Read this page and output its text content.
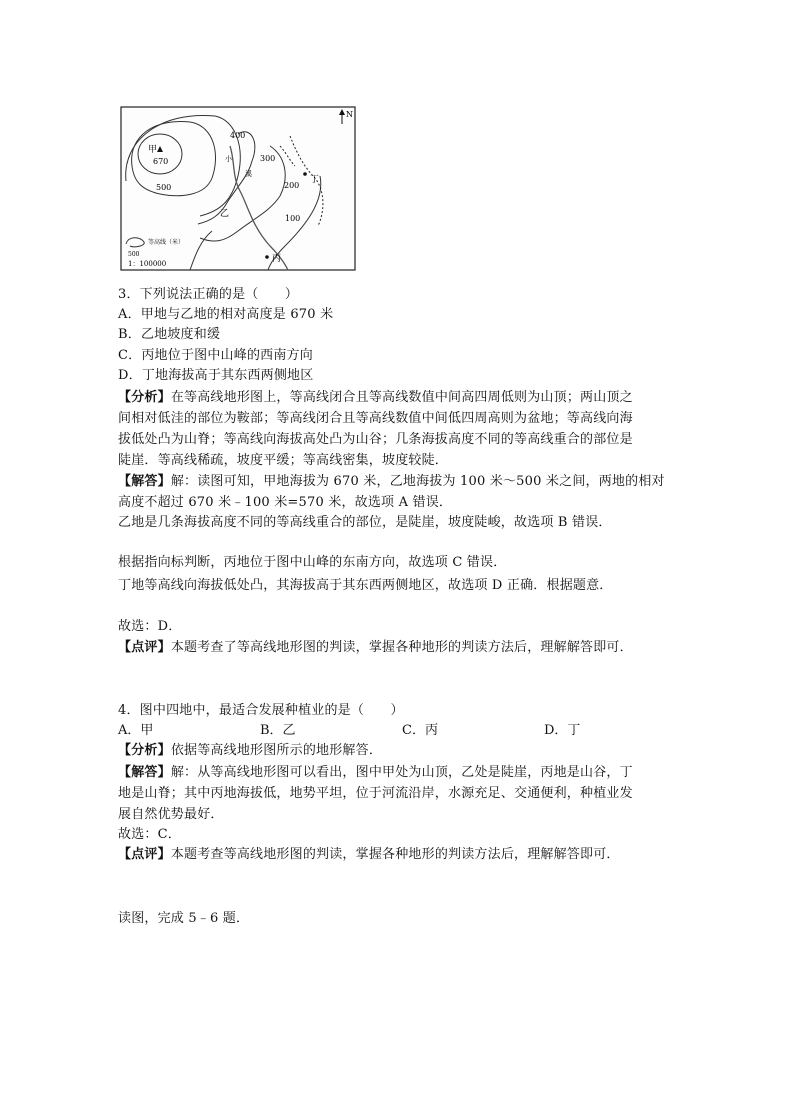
甲
670
400
500
300
200
100
小
溪
丁
乙
丙
N
等高线（米）
500
1：100000
3．下列说法正确的是（　　）
A．甲地与乙地的相对高度是 670 米
B．乙地坡度和缓
C．丙地位于图中山峰的西南方向
D．丁地海拔高于其东西两侧地区
【分析】在等高线地形图上，等高线闭合且等高线数值中间高四周低则为山顶；两山顶之
间相对低洼的部位为鞍部；等高线闭合且等高线数值中间低四周高则为盆地；等高线向海
拔低处凸为山脊；等高线向海拔高处凸为山谷；几条海拔高度不同的等高线重合的部位是
陡崖．等高线稀疏，坡度平缓；等高线密集，坡度较陡．
【解答】解：读图可知，甲地海拔为 670 米，乙地海拔为 100 米～500 米之间，两地的相对
高度不超过 670 米﹣100 米=570 米，故选项 A 错误．
乙地是几条海拔高度不同的等高线重合的部位，是陡崖，坡度陡峻，故选项 B 错误．
根据指向标判断，丙地位于图中山峰的东南方向，故选项 C 错误．
丁地等高线向海拔低处凸，其海拔高于其东西两侧地区，故选项 D 正确．根据题意．
故选：D．
【点评】本题考查了等高线地形图的判读，掌握各种地形的判读方法后，理解解答即可．
4．图中四地中，最适合发展种植业的是（　　）
A．甲	B．乙	C．丙	D．丁
【分析】依据等高线地形图所示的地形解答．
【解答】解：从等高线地形图可以看出，图中甲处为山顶，乙处是陡崖，丙地是山谷，丁
地是山脊；其中丙地海拔低，地势平坦，位于河流沿岸，水源充足、交通便利，种植业发
展自然优势最好．
故选：C．
【点评】本题考查等高线地形图的判读，掌握各种地形的判读方法后，理解解答即可．
读图，完成 5﹣6 题．
